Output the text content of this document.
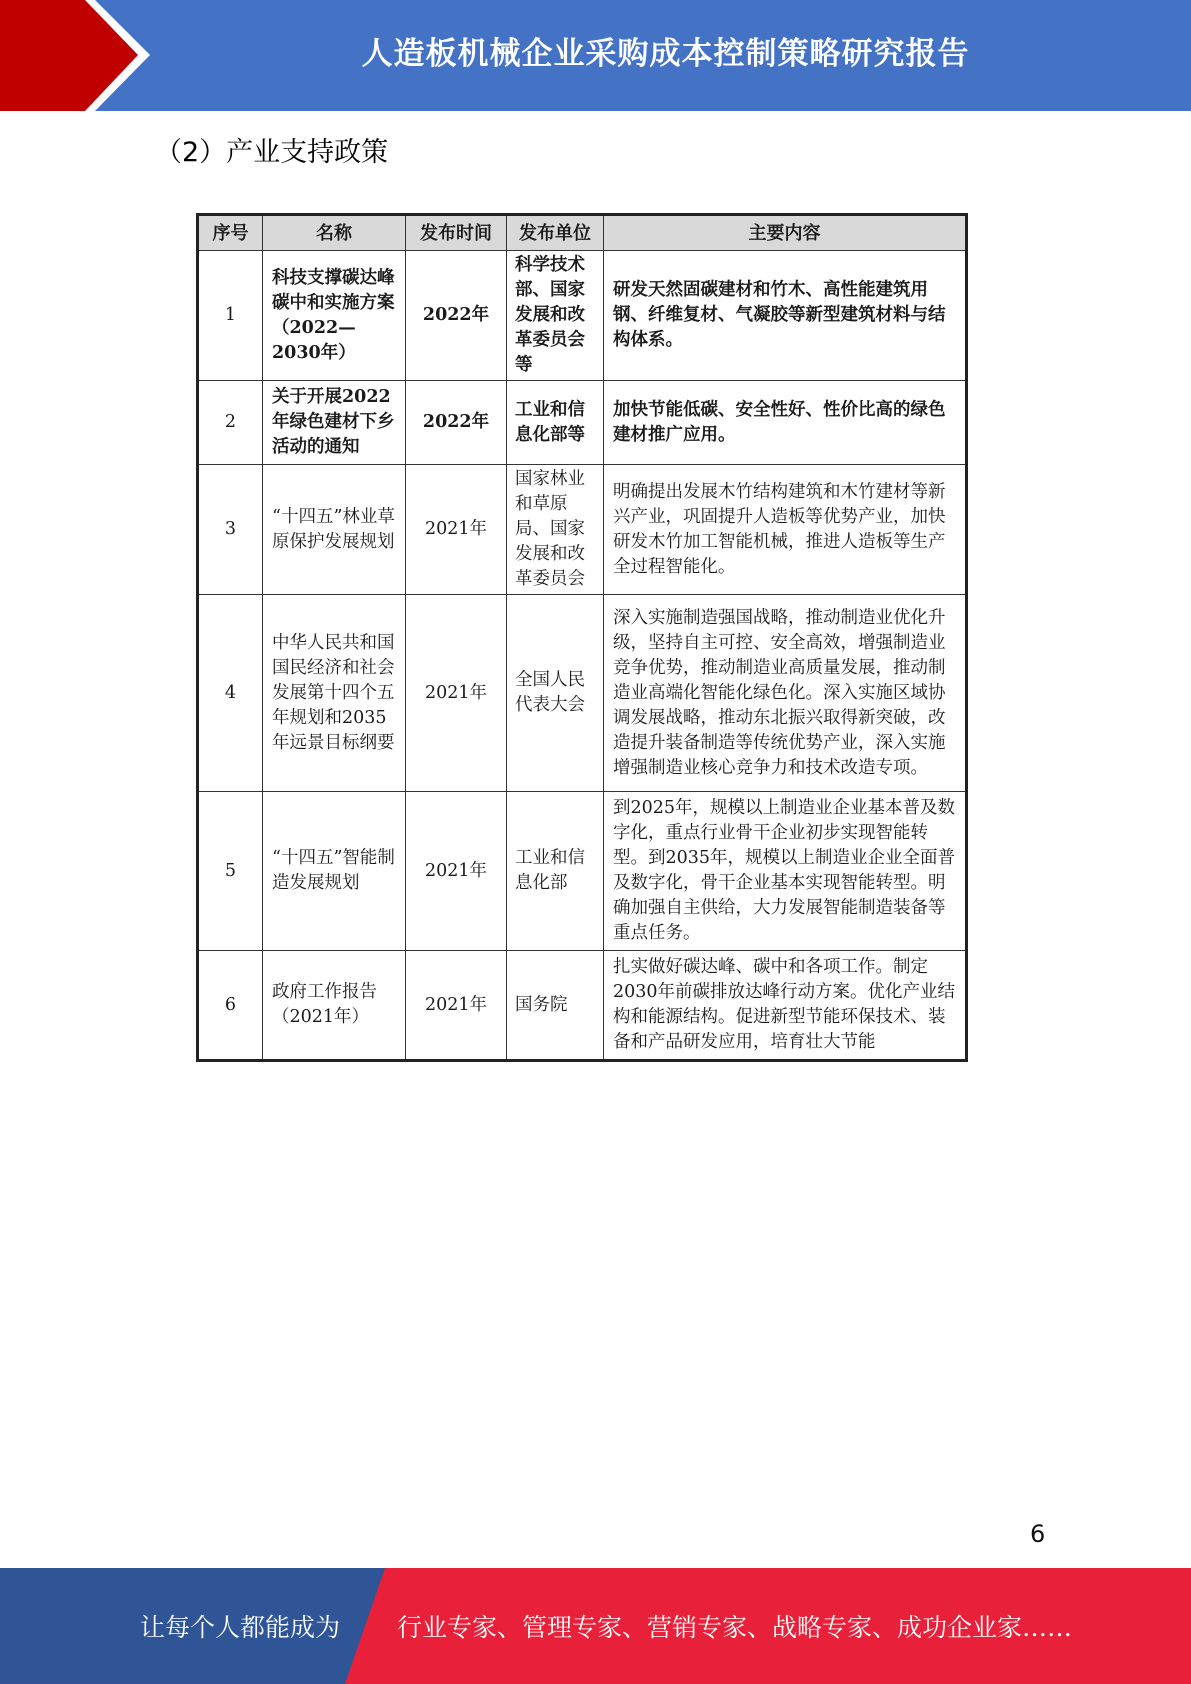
人造板机械企业采购成本控制策略研究报告
（2）产业支持政策
序号	名称	发布时间	发布单位	主要内容
1	科技支撑碳达峰碳中和实施方案（2022—2030年）	2022年	科学技术部、国家发展和改革委员会等	研发天然固碳建材和竹木、高性能建筑用钢、纤维复材、气凝胶等新型建筑材料与结构体系。
2	关于开展2022年绿色建材下乡活动的通知	2022年	工业和信息化部等	加快节能低碳、安全性好、性价比高的绿色建材推广应用。
3	“十四五”林业草原保护发展规划	2021年	国家林业和草原局、国家发展和改革委员会	明确提出发展木竹结构建筑和木竹建材等新兴产业，巩固提升人造板等优势产业，加快研发木竹加工智能机械，推进人造板等生产全过程智能化。
4	中华人民共和国国民经济和社会发展第十四个五年规划和2035年远景目标纲要	2021年	全国人民代表大会	深入实施制造强国战略，推动制造业优化升级，坚持自主可控、安全高效，增强制造业竞争优势，推动制造业高质量发展，推动制造业高端化智能化绿色化。深入实施区域协调发展战略，推动东北振兴取得新突破，改造提升装备制造等传统优势产业，深入实施增强制造业核心竞争力和技术改造专项。
5	“十四五”智能制造发展规划	2021年	工业和信息化部	到2025年，规模以上制造业企业基本普及数字化，重点行业骨干企业初步实现智能转型。到2035年，规模以上制造业企业全面普及数字化，骨干企业基本实现智能转型。明确加强自主供给，大力发展智能制造装备等重点任务。
6	政府工作报告（2021年）	2021年	国务院	扎实做好碳达峰、碳中和各项工作。制定2030年前碳排放达峰行动方案。优化产业结构和能源结构。促进新型节能环保技术、装备和产品研发应用，培育壮大节能
6
让每个人都能成为 行业专家、管理专家、营销专家、战略专家、成功企业家……
